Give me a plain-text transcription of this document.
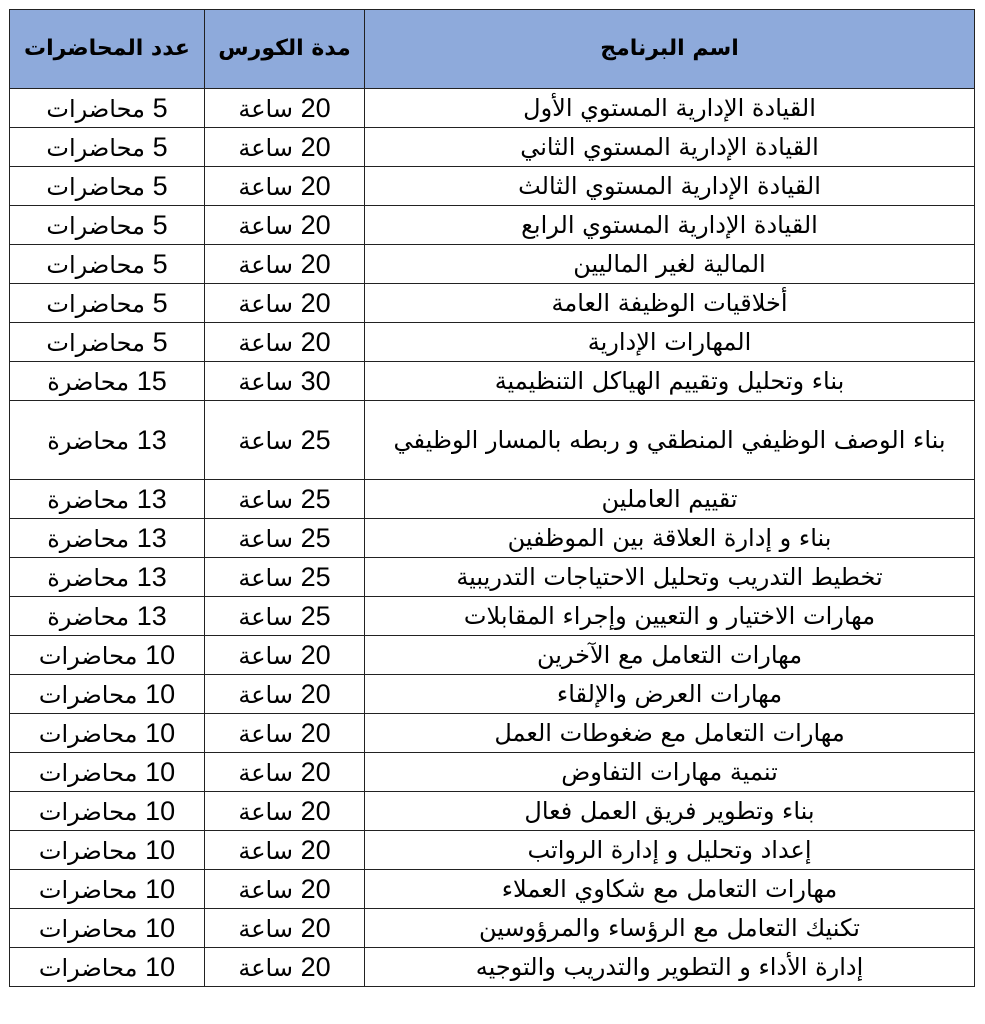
اسم البرنامج	مدة الكورس	عدد المحاضرات
القيادة الإدارية المستوي الأول	20 ساعة	5 محاضرات
القيادة الإدارية المستوي الثاني	20 ساعة	5 محاضرات
القيادة الإدارية المستوي الثالث	20 ساعة	5 محاضرات
القيادة الإدارية المستوي الرابع	20 ساعة	5 محاضرات
المالية لغير الماليين	20 ساعة	5 محاضرات
أخلاقيات الوظيفة العامة	20 ساعة	5 محاضرات
المهارات الإدارية	20 ساعة	5 محاضرات
بناء وتحليل وتقييم الهياكل التنظيمية	30 ساعة	15 محاضرة
بناء الوصف الوظيفي المنطقي و ربطه بالمسار الوظيفي	25 ساعة	13 محاضرة
تقييم العاملين	25 ساعة	13 محاضرة
بناء و إدارة العلاقة بين الموظفين	25 ساعة	13 محاضرة
تخطيط التدريب وتحليل الاحتياجات التدريبية	25 ساعة	13 محاضرة
مهارات الاختيار و التعيين وإجراء المقابلات	25 ساعة	13 محاضرة
مهارات التعامل مع الآخرين	20 ساعة	10 محاضرات
مهارات العرض والإلقاء	20 ساعة	10 محاضرات
مهارات التعامل مع ضغوطات العمل	20 ساعة	10 محاضرات
تنمية مهارات التفاوض	20 ساعة	10 محاضرات
بناء وتطوير فريق العمل فعال	20 ساعة	10 محاضرات
إعداد وتحليل و إدارة الرواتب	20 ساعة	10 محاضرات
مهارات التعامل مع شكاوي العملاء	20 ساعة	10 محاضرات
تكنيك التعامل مع الرؤساء والمرؤوسين	20 ساعة	10 محاضرات
إدارة الأداء و التطوير والتدريب والتوجيه	20 ساعة	10 محاضرات
